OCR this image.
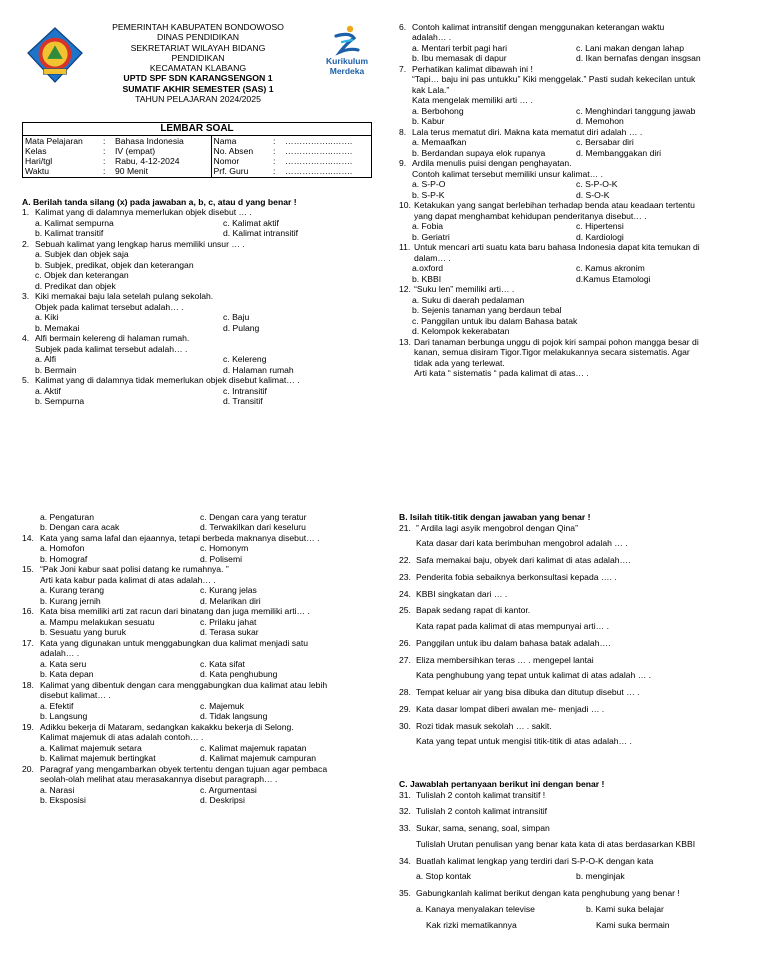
PEMERINTAH KABUPATEN BONDOWOSO
DINAS PENDIDIKAN
SEKRETARIAT WILAYAH BIDANG
PENDIDIKAN
KECAMATAN KLABANG
UPTD SPF SDN KARANGSENGON 1
SUMATIF AKHIR SEMESTER (SAS) 1
TAHUN PELAJARAN 2024/2025
Kurikulum
Merdeka
LEMBAR SOAL
Mata Pelajaran	:	Bahasa Indonesia	Nama	:	……………..…….
Kelas	:	IV (empat)	No. Absen	:	……………..…….
Hari/tgl	:	Rabu, 4-12-2024	Nomor	:	……………..…….
Waktu	:	90 Menit	Prf. Guru	:	……………..…….
A. Berilah tanda silang (x) pada jawaban a, b, c, atau d yang benar !
1. Kalimat yang di dalamnya memerlukan objek disebut … .
a. Kalimat sempurna	c. Kalimat aktif
b. Kalimat transitif	d. Kalimat intransitif
2. Sebuah kalimat yang lengkap harus memiliki unsur … .
a. Subjek dan objek saja
b. Subjek, predikat, objek dan keterangan
c. Objek dan keterangan
d. Predikat dan objek
3. Kiki memakai baju lala setelah pulang sekolah.
Objek pada kalimat tersebut adalah… .
a. Kiki	c. Baju
b. Memakai	d. Pulang
4. Alfi bermain kelereng di halaman rumah.
Subjek pada kalimat tersebut adalah… .
a. Alfi	c. Kelereng
b. Bermain	d. Halaman rumah
5. Kalimat yang di dalamnya tidak memerlukan objek disebut kalimat… .
a. Aktif	c. Intransitif
b. Sempurna	d. Transitif
6. Contoh kalimat intransitif dengan menggunakan keterangan waktu
adalah… .
a. Mentari terbit pagi hari	c. Lani makan dengan lahap
b. Ibu memasak di dapur	d. Ikan bernafas dengan insgsan
7. Perhatikan kalimat dibawah ini !
“Tapi… baju ini pas untukku” Kiki menggelak.” Pasti sudah kekecilan untuk
kak Lala.”
Kata mengelak memiliki arti … .
a. Berbohong	c. Menghindari tanggung jawab
b. Kabur	d. Memohon
8. Lala terus mematut diri. Makna kata mematut diri adalah … .
a. Memaafkan	c. Bersabar diri
b. Berdandan supaya elok rupanya	d. Membanggakan diri
9. Ardila menulis puisi dengan penghayatan.
Contoh kalimat tersebut memiliki unsur kalimat… .
a. S-P-O	c. S-P-O-K
b. S-P-K	d. S-O-K
10. Ketakukan yang sangat berlebihan terhadap benda atau keadaan tertentu
yang dapat menghambat kehidupan penderitanya disebut… .
a. Fobia	c. Hipertensi
b. Geriatri	d. Kardiologi
11. Untuk mencari arti suatu kata baru bahasa Indonesia dapat kita temukan di
dalam… .
a.oxford	c. Kamus akronim
b. KBBI	d.Kamus Etamologi
12. “Suku len” memiliki arti… .
a. Suku di daerah pedalaman
b. Sejenis tanaman yang berdaun tebal
c. Panggilan untuk ibu dalam Bahasa batak
d. Kelompok kekerabatan
13. Dari tanaman berbunga unggu di pojok kiri sampai pohon mangga besar di
kanan, semua disiram Tigor.Tigor melakukannya secara sistematis. Agar
tidak ada yang terlewat.
Arti kata “ sistematis “ pada kalimat di atas… .
a. Pengaturan	c. Dengan cara yang teratur
b. Dengan cara acak	d. Terwakilkan dari keseluru
14. Kata yang sama lafal dan ejaannya, tetapi berbeda maknanya disebut… .
a. Homofon	c. Homonym
b. Homograf	d. Polisemi
15. “Pak Joni kabur saat polisi datang ke rumahnya. ”
Arti kata kabur pada kalimat di atas adalah… .
a. Kurang terang	c. Kurang jelas
b. Kurang jernih	d. Melarikan diri
16. Kata bisa memiliki arti zat racun dari binatang dan juga memiliki arti… .
a. Mampu melakukan sesuatu	c. Prilaku jahat
b. Sesuatu yang buruk	d. Terasa sukar
17. Kata yang digunakan untuk menggabungkan dua kalimat menjadi satu
adalah… .
a. Kata seru	c. Kata sifat
b. Kata depan	d. Kata penghubung
18. Kalimat yang dibentuk dengan cara menggabungkan dua kalimat atau lebih
disebut kalimat… .
a. Efektif	c. Majemuk
b. Langsung	d. Tidak langsung
19. Adikku bekerja di Mataram, sedangkan kakakku bekerja di Selong.
Kalimat majemuk di atas adalah contoh… .
a. Kalimat majemuk setara	c. Kalimat majemuk rapatan
b. Kalimat majemuk bertingkat	d. Kalimat majemuk campuran
20. Paragraf yang mengambarkan obyek tertentu dengan tujuan agar pembaca
seolah-olah melihat atau merasakannya disebut paragraph… .
a. Narasi	c. Argumentasi
b. Eksposisi	d. Deskripsi
B. Isilah titik-titik dengan jawaban yang benar !
21. ” Ardila lagi asyik mengobrol dengan Qina”
Kata dasar dari kata berimbuhan mengobrol adalah … .
22. Safa memakai baju, obyek dari kalimat di atas adalah….
23. Penderita fobia sebaiknya berkonsultasi kepada …. .
24. KBBI singkatan dari … .
25. Bapak sedang rapat di kantor.
Kata rapat pada kalimat di atas mempunyai arti… .
26. Panggilan untuk ibu dalam bahasa batak adalah….
27. Eliza membersihkan teras … . mengepel lantai
Kata penghubung yang tepat untuk kalimat di atas adalah … .
28. Tempat keluar air yang bisa dibuka dan ditutup disebut … .
29. Kata dasar lompat diberi awalan me- menjadi … .
30. Rozi tidak masuk sekolah … . sakit.
Kata yang tepat untuk mengisi titik-titik di atas adalah… .
C. Jawablah pertanyaan berikut ini dengan benar !
31. Tulislah 2 contoh kalimat transitif !
32. Tulislah 2 contoh kalimat intransitif
33. Sukar, sama, senang, soal, simpan
Tulislah Urutan penulisan yang benar kata kata di atas berdasarkan KBBI
34. Buatlah kalimat lengkap yang terdiri dari S-P-O-K dengan kata
a. Stop kontak	b. menginjak
35. Gabungkanlah kalimat berikut dengan kata penghubung yang benar !
a. Kanaya menyalakan televise	b. Kami suka belajar
Kak rizki mematikannya	Kami suka bermain
